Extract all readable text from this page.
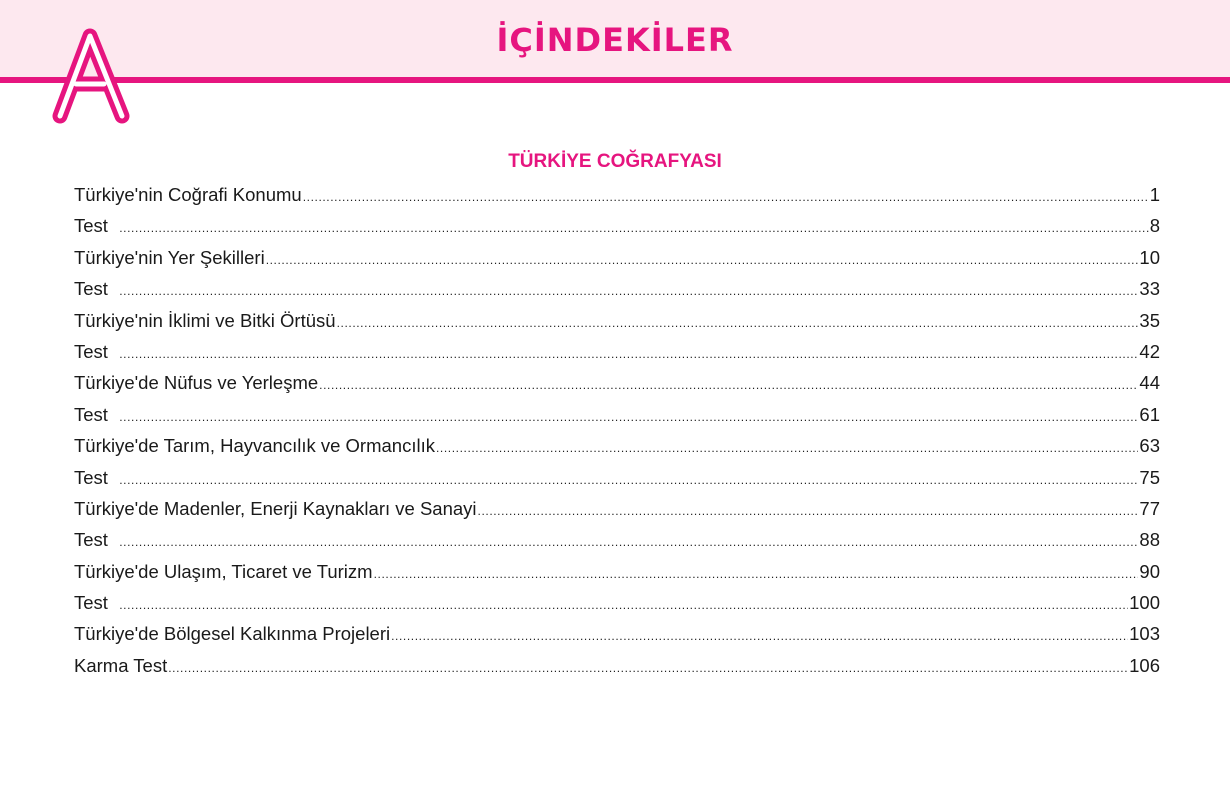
İÇİNDEKİLER
TÜRKİYE COĞRAFYASI
Türkiye'nin Coğrafi Konumu .....	1
Test .....	8
Türkiye'nin Yer Şekilleri .....	10
Test .....	33
Türkiye'nin İklimi ve Bitki Örtüsü .....	35
Test .....	42
Türkiye'de Nüfus ve Yerleşme .....	44
Test .....	61
Türkiye'de Tarım, Hayvancılık ve Ormancılık .....	63
Test .....	75
Türkiye'de Madenler, Enerji Kaynakları ve Sanayi .....	77
Test .....	88
Türkiye'de Ulaşım, Ticaret ve Turizm .....	90
Test .....	100
Türkiye'de Bölgesel Kalkınma Projeleri .....	103
Karma Test .....	106
